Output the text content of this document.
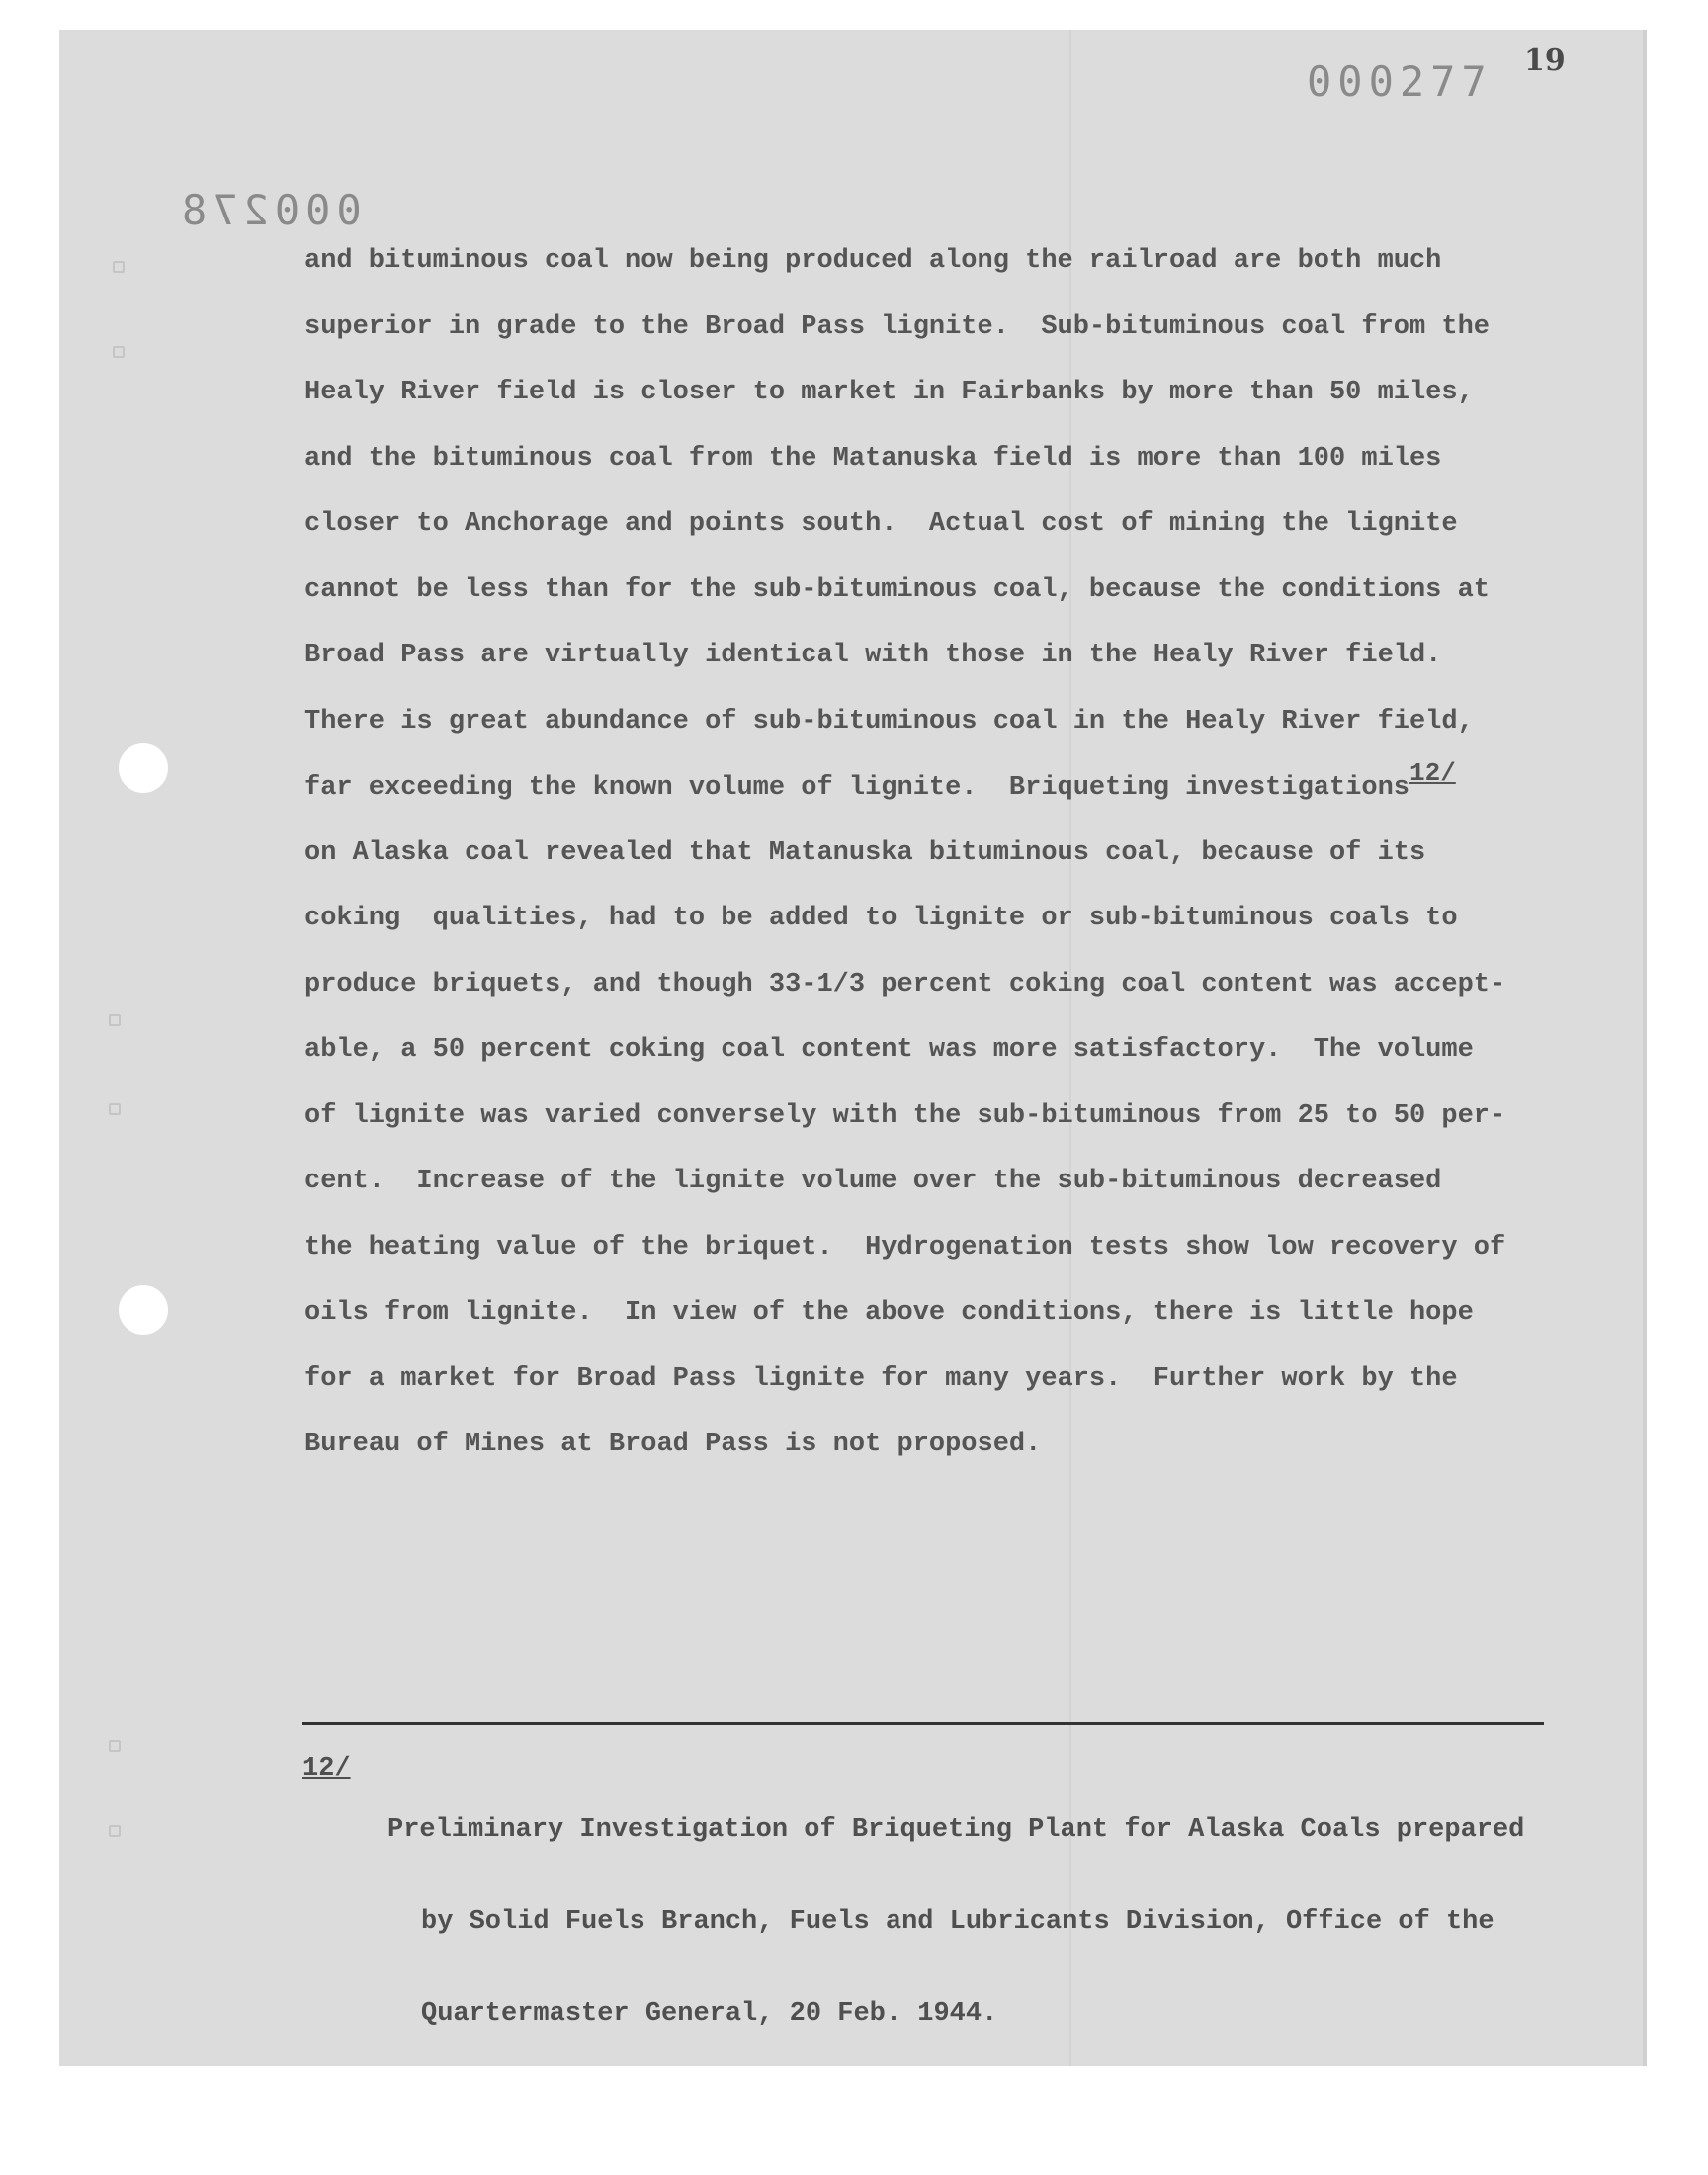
000277
000278
19
and bituminous coal now being produced along the railroad are both much
superior in grade to the Broad Pass lignite.  Sub-bituminous coal from the
Healy River field is closer to market in Fairbanks by more than 50 miles,
and the bituminous coal from the Matanuska field is more than 100 miles
closer to Anchorage and points south.  Actual cost of mining the lignite
cannot be less than for the sub-bituminous coal, because the conditions at
Broad Pass are virtually identical with those in the Healy River field.
There is great abundance of sub-bituminous coal in the Healy River field,
far exceeding the known volume of lignite.  Briqueting investigations12/
on Alaska coal revealed that Matanuska bituminous coal, because of its
coking  qualities, had to be added to lignite or sub-bituminous coals to
produce briquets, and though 33-1/3 percent coking coal content was accept-
able, a 50 percent coking coal content was more satisfactory.  The volume
of lignite was varied conversely with the sub-bituminous from 25 to 50 per-
cent.  Increase of the lignite volume over the sub-bituminous decreased
the heating value of the briquet.  Hydrogenation tests show low recovery of
oils from lignite.  In view of the above conditions, there is little hope
for a market for Broad Pass lignite for many years.  Further work by the
Bureau of Mines at Broad Pass is not proposed.
12/

Preliminary Investigation of Briqueting Plant for Alaska Coals prepared

by Solid Fuels Branch, Fuels and Lubricants Division, Office of the

Quartermaster General, 20 Feb. 1944.
